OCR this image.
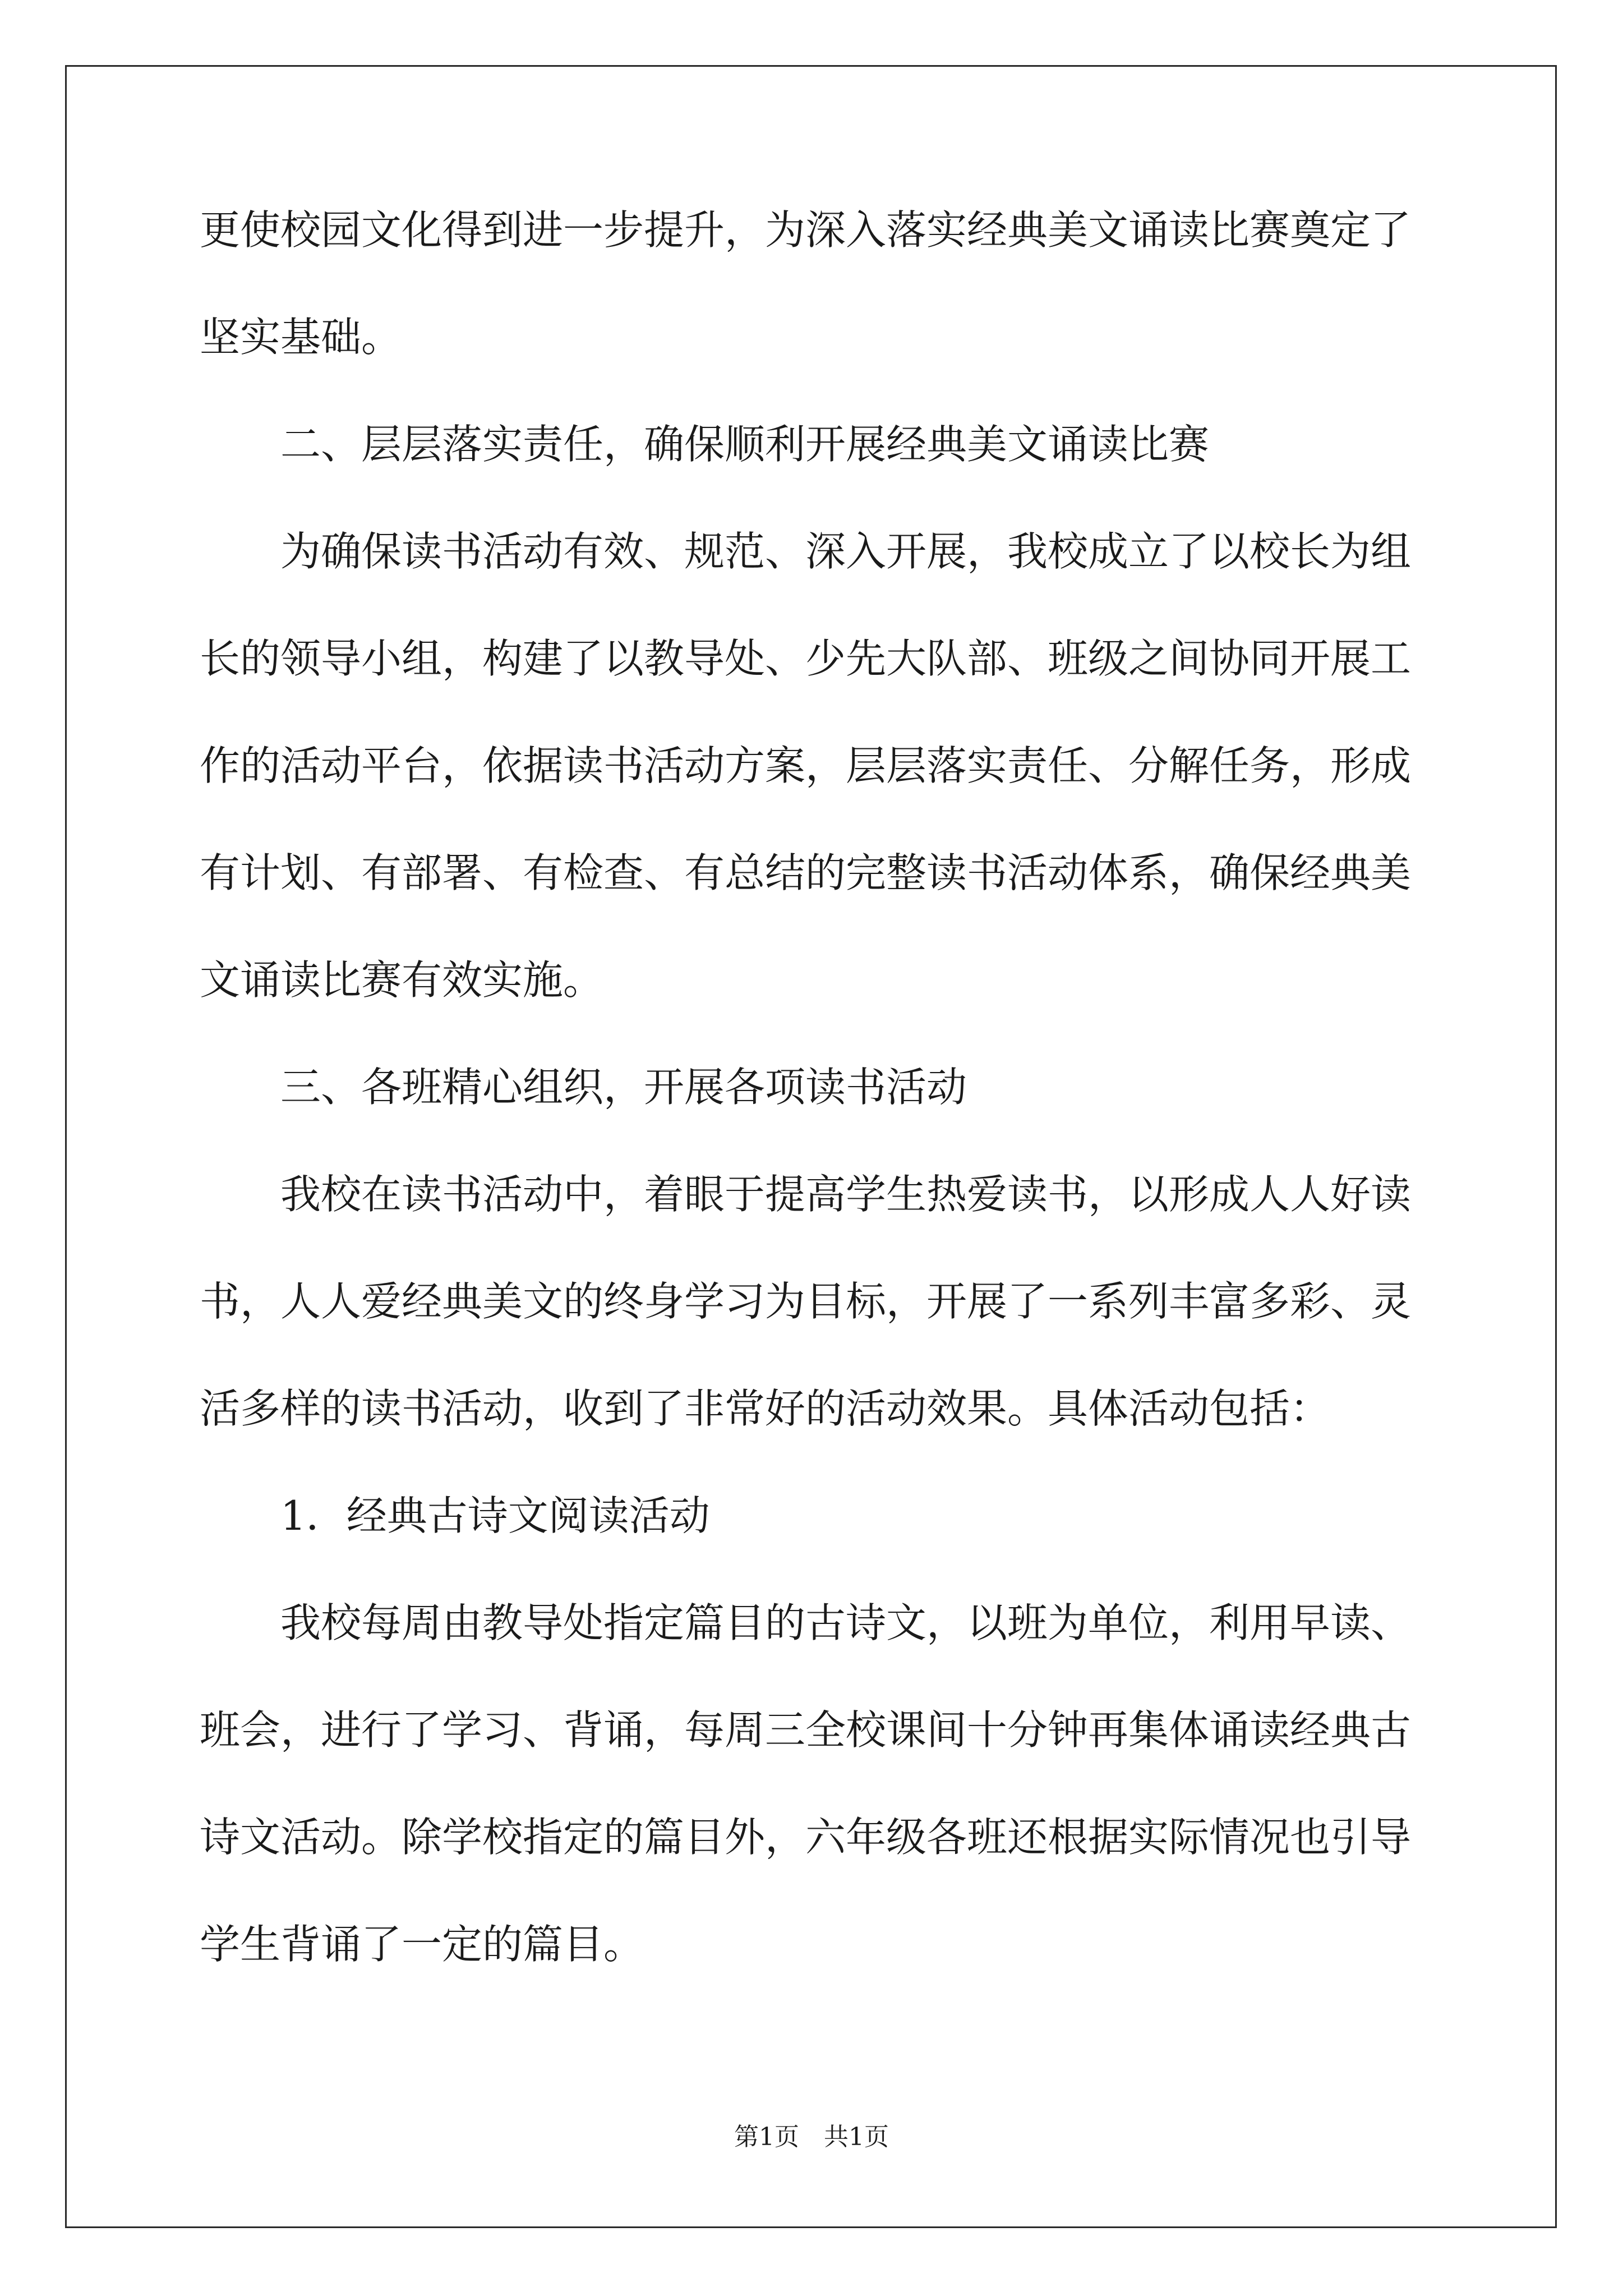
更使校园文化得到进一步提升，为深入落实经典美文诵读比赛奠定了
坚实基础。
二、层层落实责任，确保顺利开展经典美文诵读比赛
为确保读书活动有效、规范、深入开展，我校成立了以校长为组
长的领导小组，构建了以教导处、少先大队部、班级之间协同开展工
作的活动平台，依据读书活动方案，层层落实责任、分解任务，形成
有计划、有部署、有检查、有总结的完整读书活动体系，确保经典美
文诵读比赛有效实施。
三、各班精心组织，开展各项读书活动
我校在读书活动中，着眼于提高学生热爱读书，以形成人人好读
书，人人爱经典美文的终身学习为目标，开展了一系列丰富多彩、灵
活多样的读书活动，收到了非常好的活动效果。具体活动包括：
1．经典古诗文阅读活动
我校每周由教导处指定篇目的古诗文，以班为单位，利用早读、
班会，进行了学习、背诵，每周三全校课间十分钟再集体诵读经典古
诗文活动。除学校指定的篇目外，六年级各班还根据实际情况也引导
学生背诵了一定的篇目。
第1页　共1页
